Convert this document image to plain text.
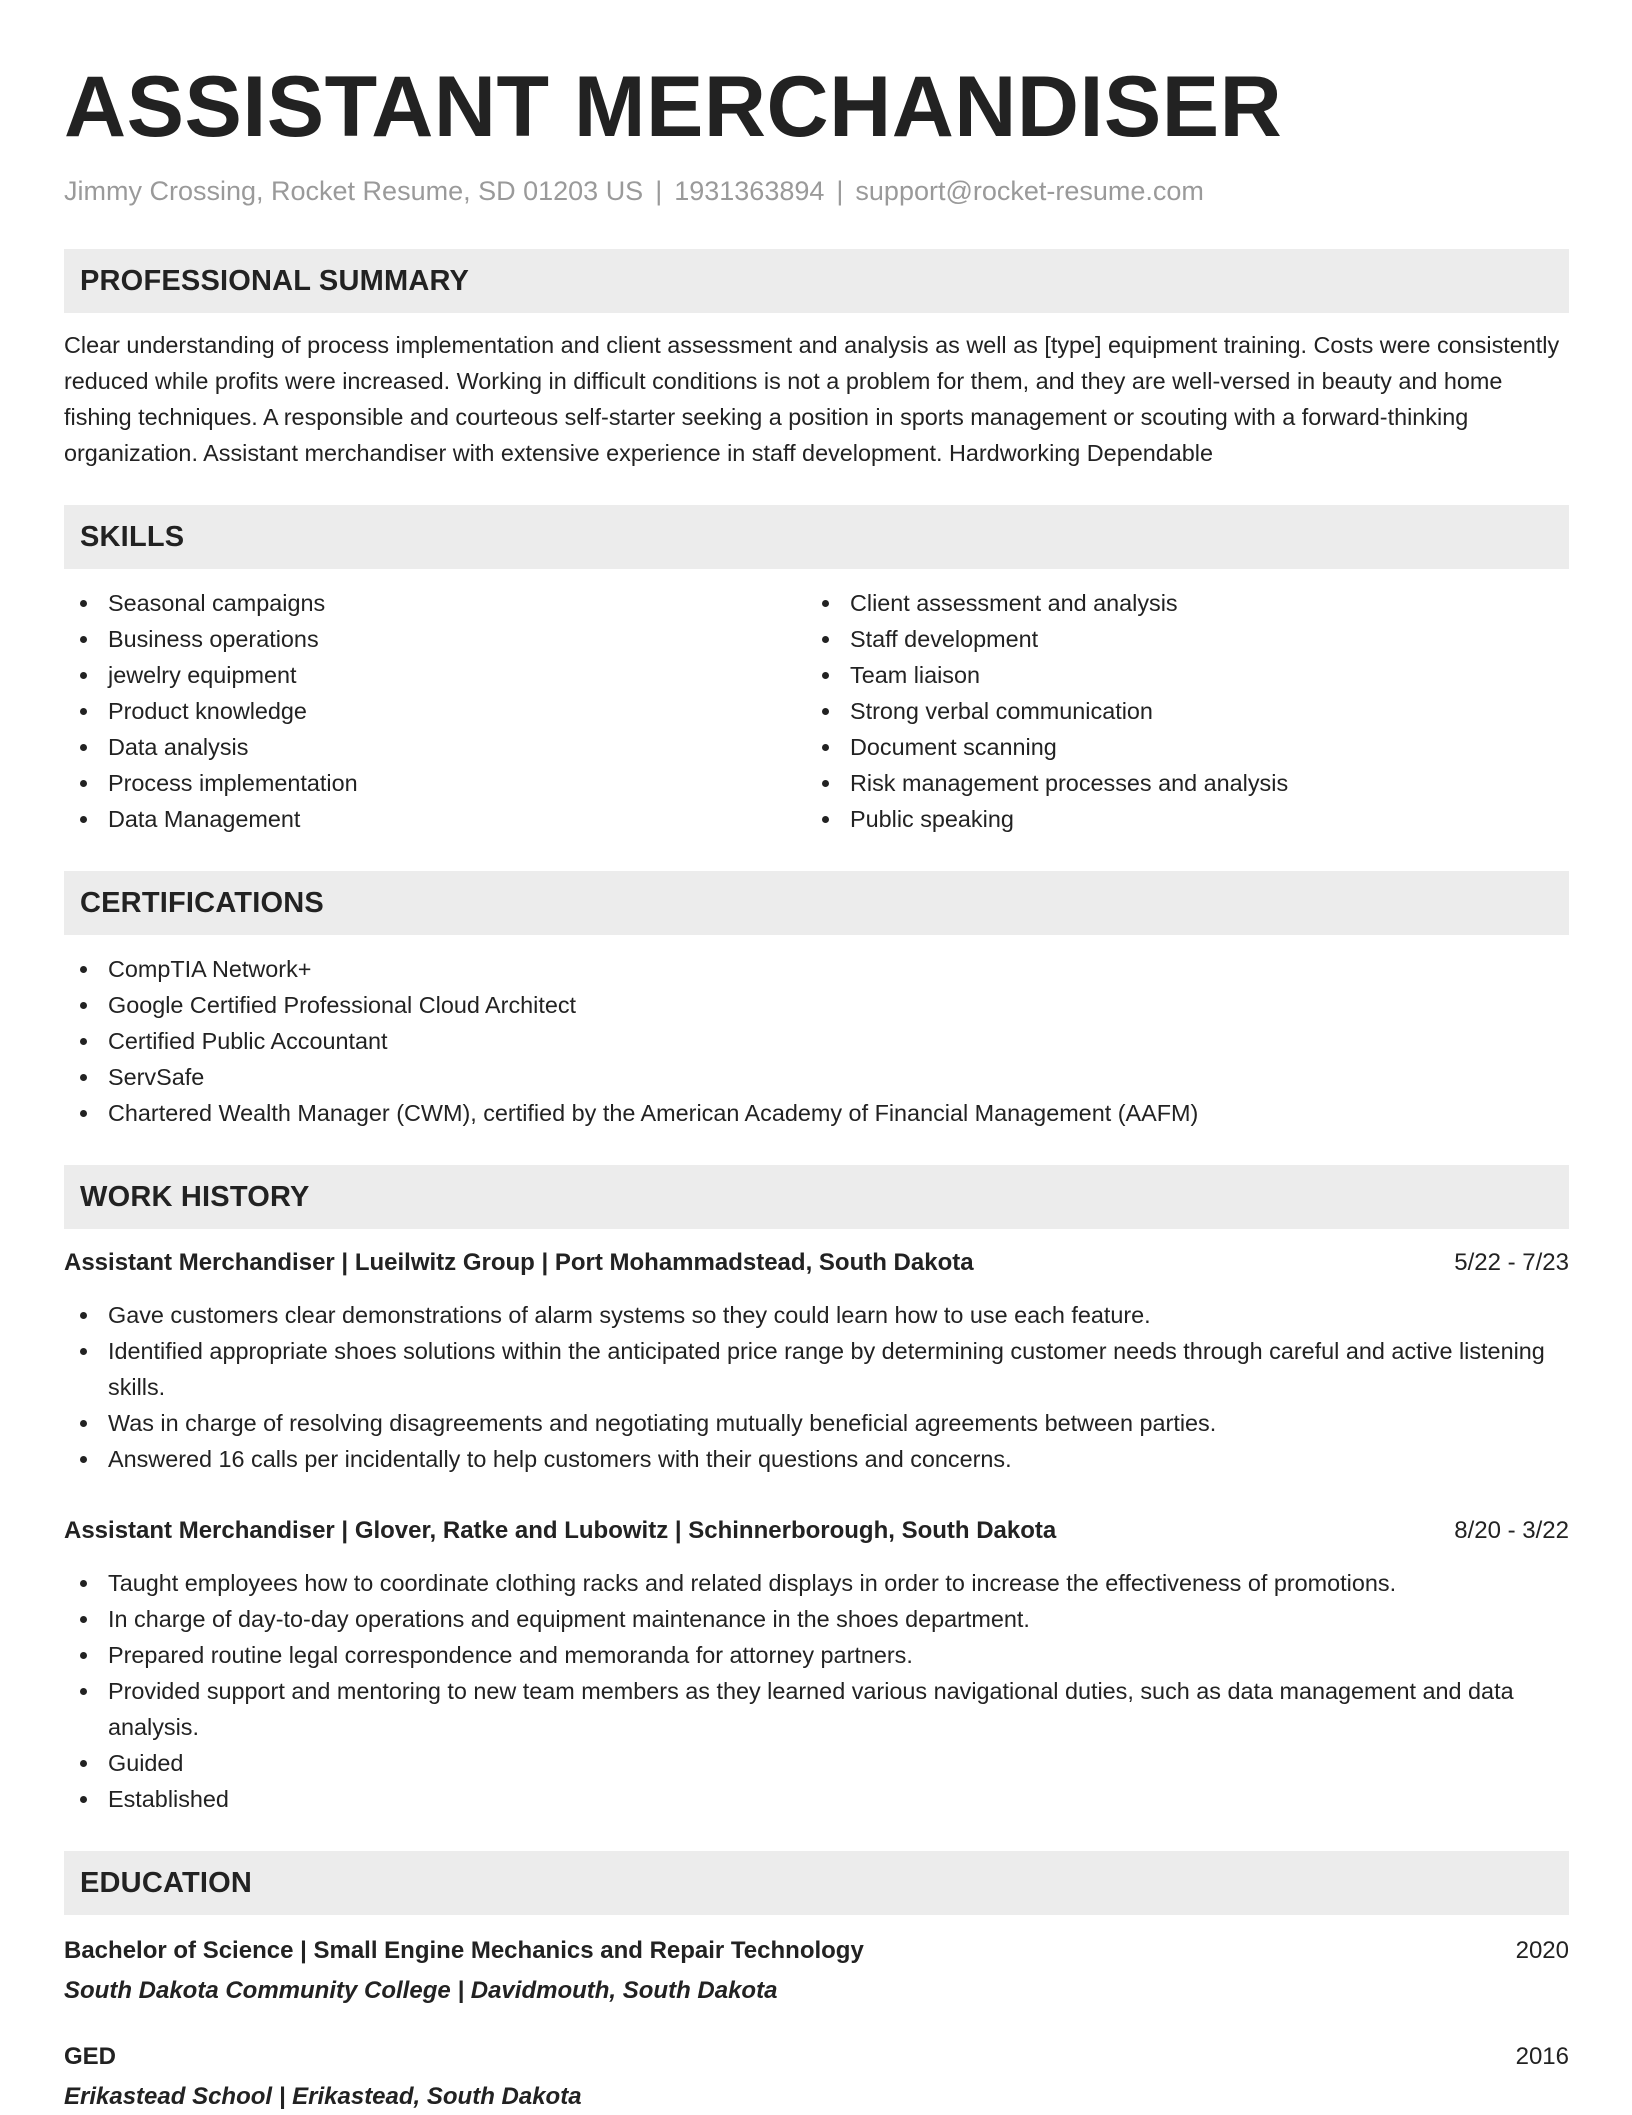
ASSISTANT MERCHANDISER
Jimmy Crossing, Rocket Resume, SD 01203 US | 1931363894 | support@rocket-resume.com
PROFESSIONAL SUMMARY
Clear understanding of process implementation and client assessment and analysis as well as [type] equipment training. Costs were consistently reduced while profits were increased. Working in difficult conditions is not a problem for them, and they are well-versed in beauty and home fishing techniques. A responsible and courteous self-starter seeking a position in sports management or scouting with a forward-thinking organization. Assistant merchandiser with extensive experience in staff development. Hardworking Dependable
SKILLS
Seasonal campaigns
Business operations
jewelry equipment
Product knowledge
Data analysis
Process implementation
Data Management
Client assessment and analysis
Staff development
Team liaison
Strong verbal communication
Document scanning
Risk management processes and analysis
Public speaking
CERTIFICATIONS
CompTIA Network+
Google Certified Professional Cloud Architect
Certified Public Accountant
ServSafe
Chartered Wealth Manager (CWM), certified by the American Academy of Financial Management (AAFM)
WORK HISTORY
Assistant Merchandiser | Lueilwitz Group | Port Mohammadstead, South Dakota	5/22 - 7/23
Gave customers clear demonstrations of alarm systems so they could learn how to use each feature.
Identified appropriate shoes solutions within the anticipated price range by determining customer needs through careful and active listening skills.
Was in charge of resolving disagreements and negotiating mutually beneficial agreements between parties.
Answered 16 calls per incidentally to help customers with their questions and concerns.
Assistant Merchandiser | Glover, Ratke and Lubowitz | Schinnerborough, South Dakota	8/20 - 3/22
Taught employees how to coordinate clothing racks and related displays in order to increase the effectiveness of promotions.
In charge of day-to-day operations and equipment maintenance in the shoes department.
Prepared routine legal correspondence and memoranda for attorney partners.
Provided support and mentoring to new team members as they learned various navigational duties, such as data management and data analysis.
Guided
Established
EDUCATION
Bachelor of Science | Small Engine Mechanics and Repair Technology	2020
South Dakota Community College | Davidmouth, South Dakota
GED	2016
Erikastead School | Erikastead, South Dakota
